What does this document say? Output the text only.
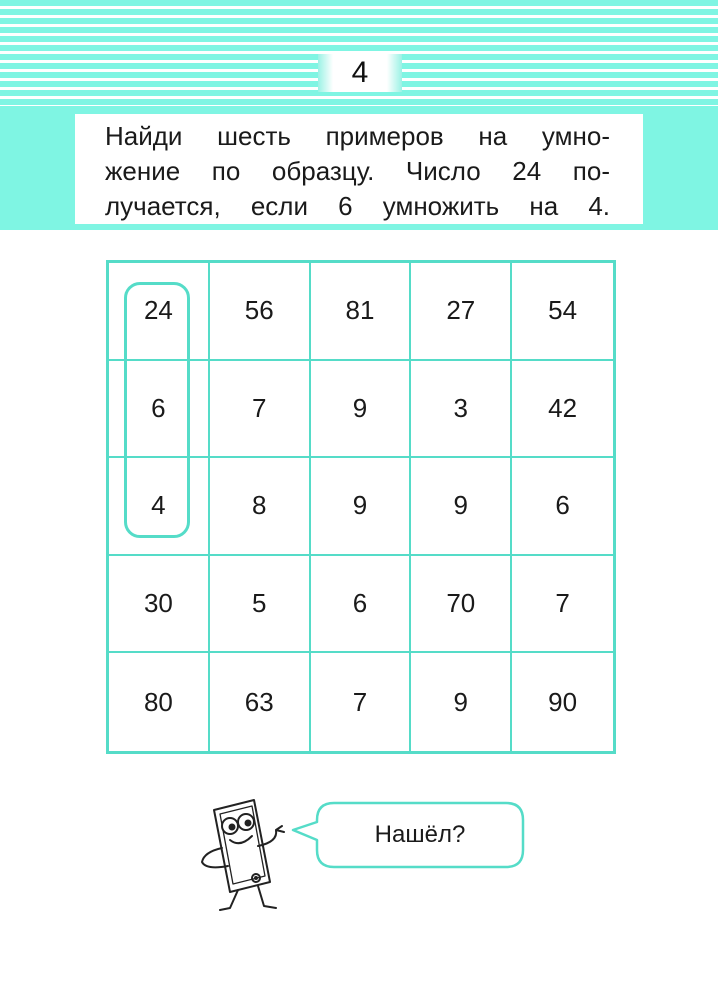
4
Найди шесть примеров на умно-
жение по образцу. Число 24 по-
лучается, если 6 умножить на 4.
24	56	81	27	54
6	7	9	3	42
4	8	9	9	6
30	5	6	70	7
80	63	7	9	90
Нашёл?
